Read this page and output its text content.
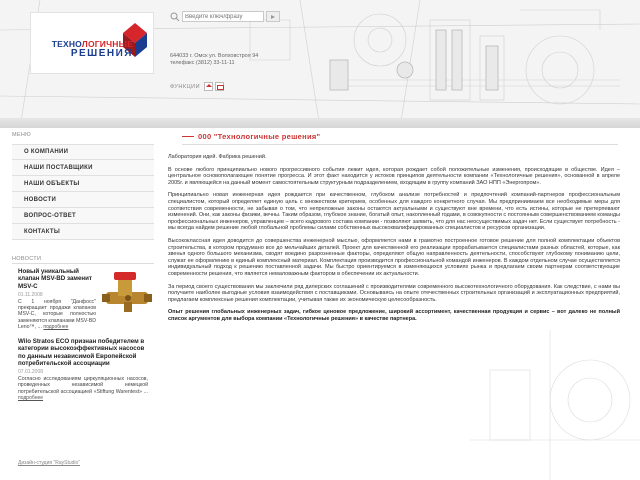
ТЕХНОЛОГИЧНЫЕ
РЕШЕНИЯ
Введите ключ/фразу	644033 г. Омск ул. Волховстроя 94
телефакс (3812) 33-11-11
ФУНКЦИИ
МЕНЮ
О КОМПАНИИ
НАШИ ПОСТАВЩИКИ
НАШИ ОБЪЕКТЫ
НОВОСТИ
ВОПРОС-ОТВЕТ
КОНТАКТЫ
НОВОСТИ
Новый уникальный клапан MSV-BD заменит MSV-C
01.11.2008
С 1 ноября "Данфосс" прекращает продажи клапанов MSV-C, которые полностью заменяются клапанами MSV-BD Leno™, ... подробнее
Wilo Stratos ECO признан победителем в категории высокоэффективных насосов по данным независимой Европейской потребительской ассоциации
07.01.2008
Согласно исследованиям циркуляционных насосов, проведенных независимой немецкой потребительской ассоциацией «Stiftung Warentest» ... подробнее
Дизайн-студия "RayStudio"
000 "Технологичные решения"

Лаборатория идей. Фабрика решений.

В основе любого принципиально нового прогрессивного события лежит идея, которая рождает собой положительные изменения, происходящие в обществе. Идея – центральное основополагающее понятие прогресса. И этот факт находится у истоков принципов деятельности компании «Технологичные решения», основанной в апреле 2005г. и являющейся на данный момент самостоятельным структурным подразделением, входящим в группу компаний ЗАО НПП «Энергопром».

Принципиально новая инженерная идея рождается при качественном, глубоком анализе потребностей и предпочтений компаний-партнеров профессиональным специалистом, который определяет единую цель с множеством критериев, особенных для каждого конкретного случая. Мы предприниимаем все необходимые меры для соответствия современности, не забывая о том, что непреложные законы остаются актуальными и существуют вне времени, что есть истины, которые не претерпевают изменений. Они, как законы физики, вечны. Таким образом, глубокое знание, богатый опыт, накопленный годами, в совокупности с постоянным совершенствованием команды профессиональных инженеров, управленцев – всего кадрового состава компании - позволяют заявить, что для нас неосуществимых задач нет. Если существует потребность - мы всегда найдем решение любой глобальной проблемы силами собственных высококвалифицированных специалистов и ресурсов организации.

Высококлассная идея доводится до совершенства инженерной мыслью, оформляется нами в грамотно построенное готовое решение для полной комплектации объектов строительства, в котором продумано все до мельчайших деталей. Проект для качественной его реализации прорабатывается специалистами разных областей, которые, как звенья одного большого механизма, сводят воедино разрозненные факторы, определяют общую направленность деятельности, способствуют глубокому пониманию цели, служат ее оформлению в единый комплексный материал. Комплектация производится профессиональной командой инженеров. В каждом отдельном случае осуществляется индивидуальный подход к решению поставленной задачи. Мы быстро ориентируемся в изменяющихся условиях рынка и предлагаем своим партнерам соответствующие современности решения, что является немаловажным фактором в обеспечении их актуальности.

За период своего существования мы заключили ряд дилерских соглашений с производителями современного высокотехнологичного оборудования. Как следствие, с нами вы получаете наиболее выгодные условия взаимодействия с поставщиками. Основываясь на опыте отечественных строительных организаций и эксплуатационных предприятий, предлагаем комплексные решения комплектации, учитывая также их экономическую целесообразность.

Опыт решения глобальных инженерных задач, гибкое ценовое предложение, широкий ассортимент, качественная продукция и сервис – вот далеко не полный список аргументов для выбора компании «Технологичные решения» в качестве партнера.
